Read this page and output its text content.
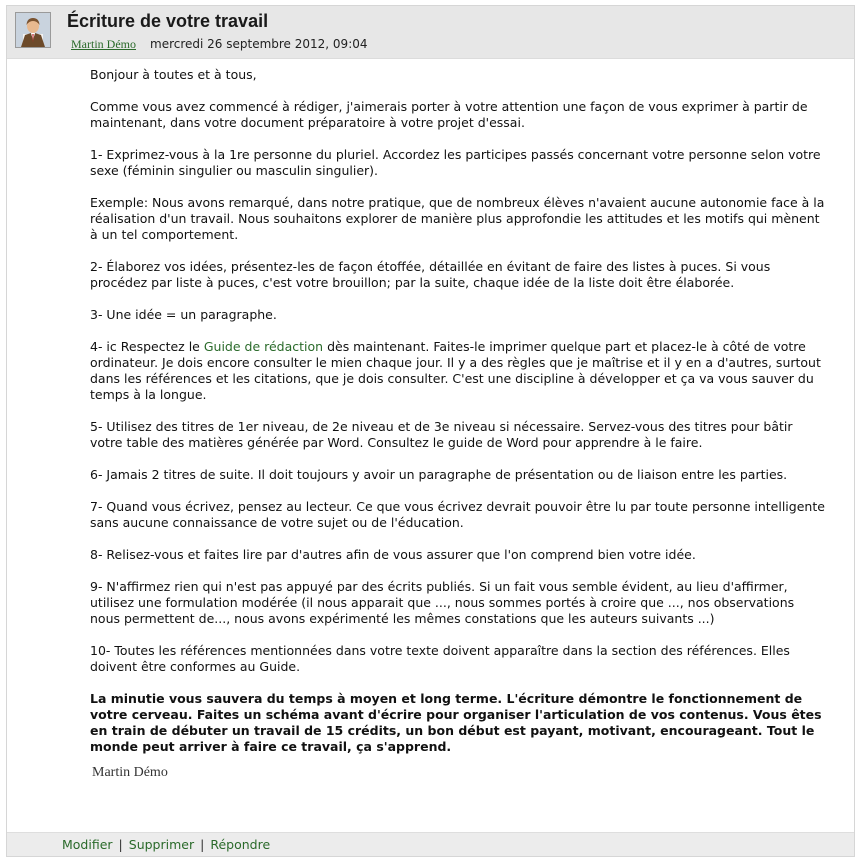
Écriture de votre travail
Martin Démo mercredi 26 septembre 2012, 09:04

Bonjour à toutes et à tous,

Comme vous avez commencé à rédiger, j'aimerais porter à votre attention une façon de vous exprimer à partir de maintenant, dans votre document préparatoire à votre projet d'essai.

1- Exprimez-vous à la 1re personne du pluriel. Accordez les participes passés concernant votre personne selon votre sexe (féminin singulier ou masculin singulier).

Exemple: Nous avons remarqué, dans notre pratique, que de nombreux élèves n'avaient aucune autonomie face à la réalisation d'un travail. Nous souhaitons explorer de manière plus approfondie les attitudes et les motifs qui mènent à un tel comportement.

2- Élaborez vos idées, présentez-les de façon étoffée, détaillée en évitant de faire des listes à puces. Si vous procédez par liste à puces, c'est votre brouillon; par la suite, chaque idée de la liste doit être élaborée.

3- Une idée = un paragraphe.

4- ic Respectez le Guide de rédaction dès maintenant. Faites-le imprimer quelque part et placez-le à côté de votre ordinateur. Je dois encore consulter le mien chaque jour. Il y a des règles que je maîtrise et il y en a d'autres, surtout dans les références et les citations, que je dois consulter. C'est une discipline à développer et ça va vous sauver du temps à la longue.

5- Utilisez des titres de 1er niveau, de 2e niveau et de 3e niveau si nécessaire. Servez-vous des titres pour bâtir votre table des matières générée par Word. Consultez le guide de Word pour apprendre à le faire.

6- Jamais 2 titres de suite. Il doit toujours y avoir un paragraphe de présentation ou de liaison entre les parties.

7- Quand vous écrivez, pensez au lecteur. Ce que vous écrivez devrait pouvoir être lu par toute personne intelligente sans aucune connaissance de votre sujet ou de l'éducation.

8- Relisez-vous et faites lire par d'autres afin de vous assurer que l'on comprend bien votre idée.

9- N'affirmez rien qui n'est pas appuyé par des écrits publiés. Si un fait vous semble évident, au lieu d'affirmer, utilisez une formulation modérée (il nous apparait que ..., nous sommes portés à croire que ..., nos observations nous permettent de..., nous avons expérimenté les mêmes constations que les auteurs suivants ...)

10- Toutes les références mentionnées dans votre texte doivent apparaître dans la section des références. Elles doivent être conformes au Guide.

La minutie vous sauvera du temps à moyen et long terme. L'écriture démontre le fonctionnement de votre cerveau. Faites un schéma avant d'écrire pour organiser l'articulation de vos contenus. Vous êtes en train de débuter un travail de 15 crédits, un bon début est payant, motivant, encourageant. Tout le monde peut arriver à faire ce travail, ça s'apprend.

Martin Démo
Modifier | Supprimer | Répondre
